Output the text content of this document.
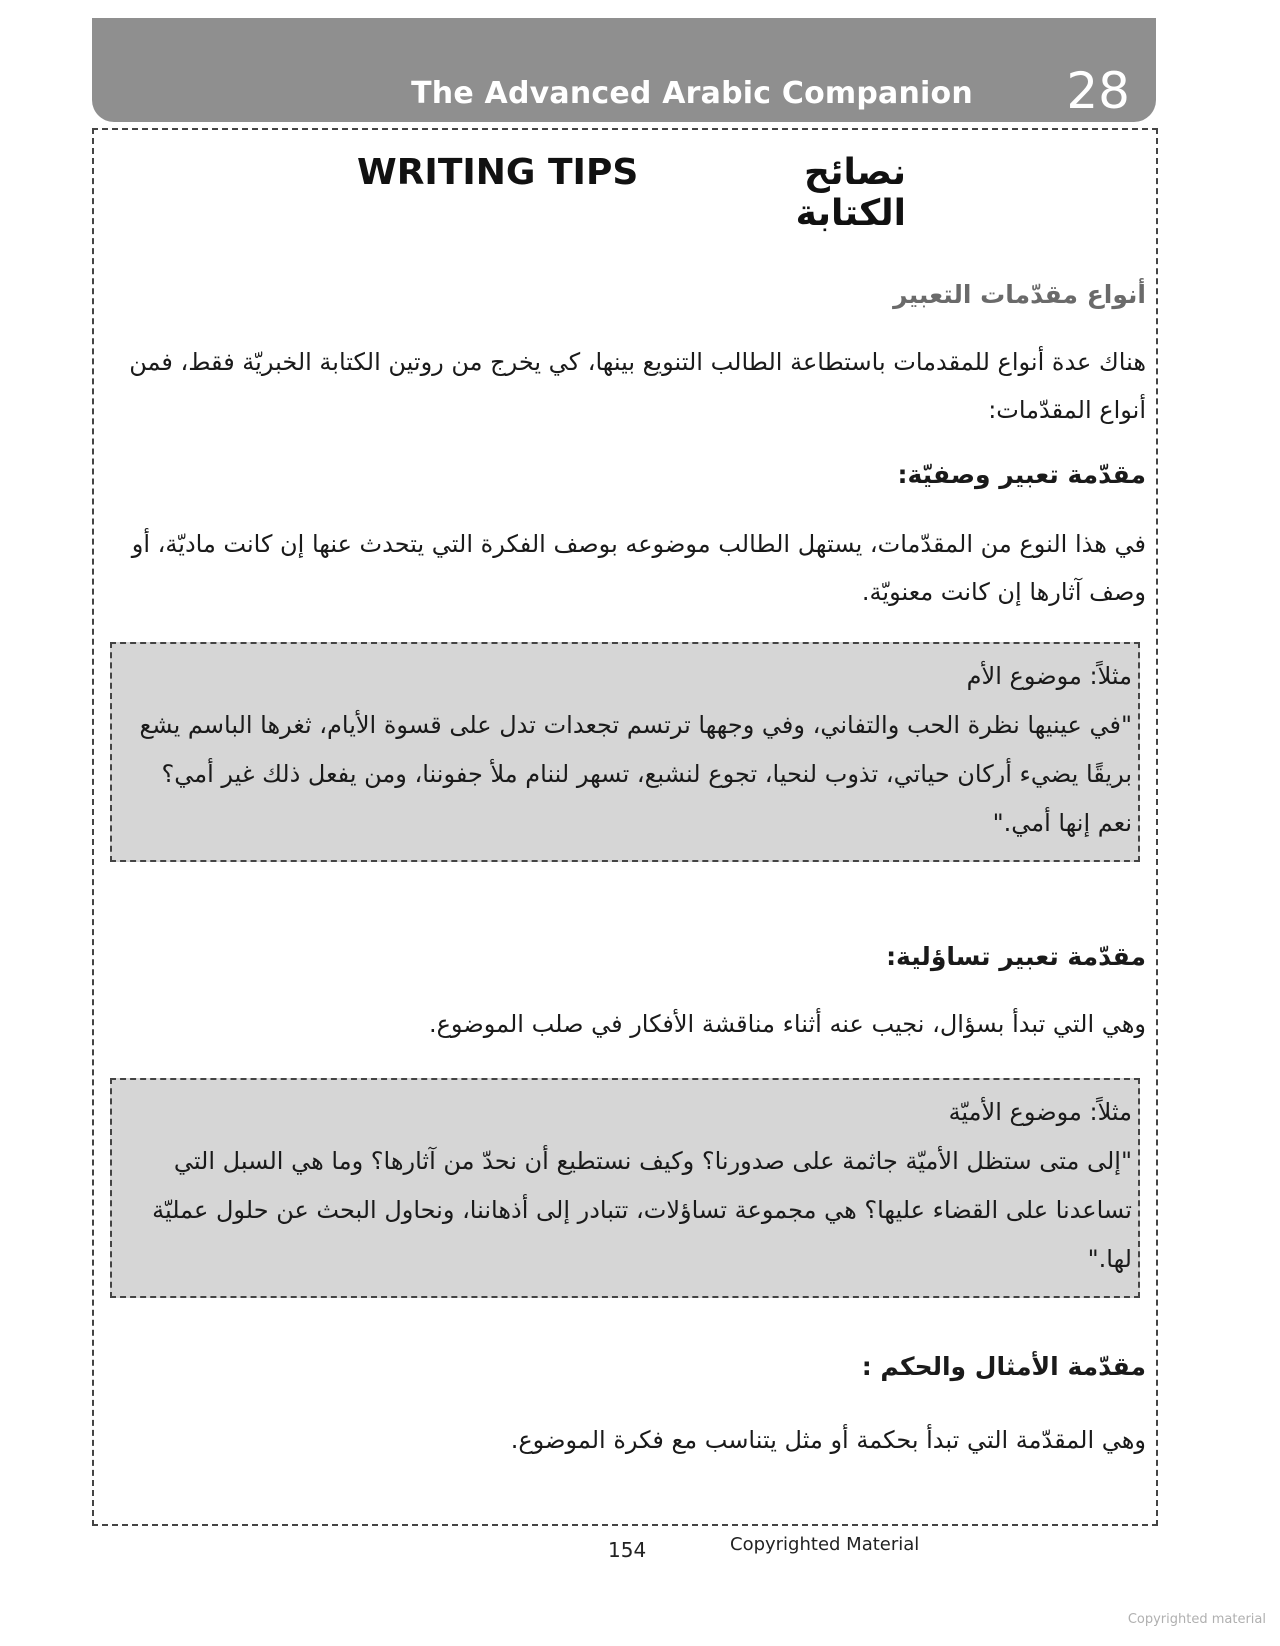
The Advanced Arabic Companion	28
WRITING TIPS	نصائح الكتابة
أنواع مقدّمات التعبير
هناك عدة أنواع للمقدمات باستطاعة الطالب التنويع بينها، كي يخرج من روتين الكتابة الخبريّة فقط، فمن
أنواع المقدّمات:
مقدّمة تعبير وصفيّة:
في هذا النوع من المقدّمات، يستهل الطالب موضوعه بوصف الفكرة التي يتحدث عنها إن كانت ماديّة، أو
وصف آثارها إن كانت معنويّة.
مثلاً: موضوع الأم
"في عينيها نظرة الحب والتفاني، وفي وجهها ترتسم تجعدات تدل على قسوة الأيام، ثغرها الباسم يشع
بريقًا يضيء أركان حياتي، تذوب لنحيا، تجوع لنشبع، تسهر لننام ملأ جفوننا، ومن يفعل ذلك غير أمي؟
نعم إنها أمي."
مقدّمة تعبير تساؤلية:
وهي التي تبدأ بسؤال، نجيب عنه أثناء مناقشة الأفكار في صلب الموضوع.
مثلاً: موضوع الأميّة
"إلى متى ستظل الأميّة جاثمة على صدورنا؟ وكيف نستطيع أن نحدّ من آثارها؟ وما هي السبل التي
تساعدنا على القضاء عليها؟ هي مجموعة تساؤلات، تتبادر إلى أذهاننا، ونحاول البحث عن حلول عمليّة
لها."
مقدّمة الأمثال والحكم :
وهي المقدّمة التي تبدأ بحكمة أو مثل يتناسب مع فكرة الموضوع.
154	Copyrighted Material
Copyrighted material
